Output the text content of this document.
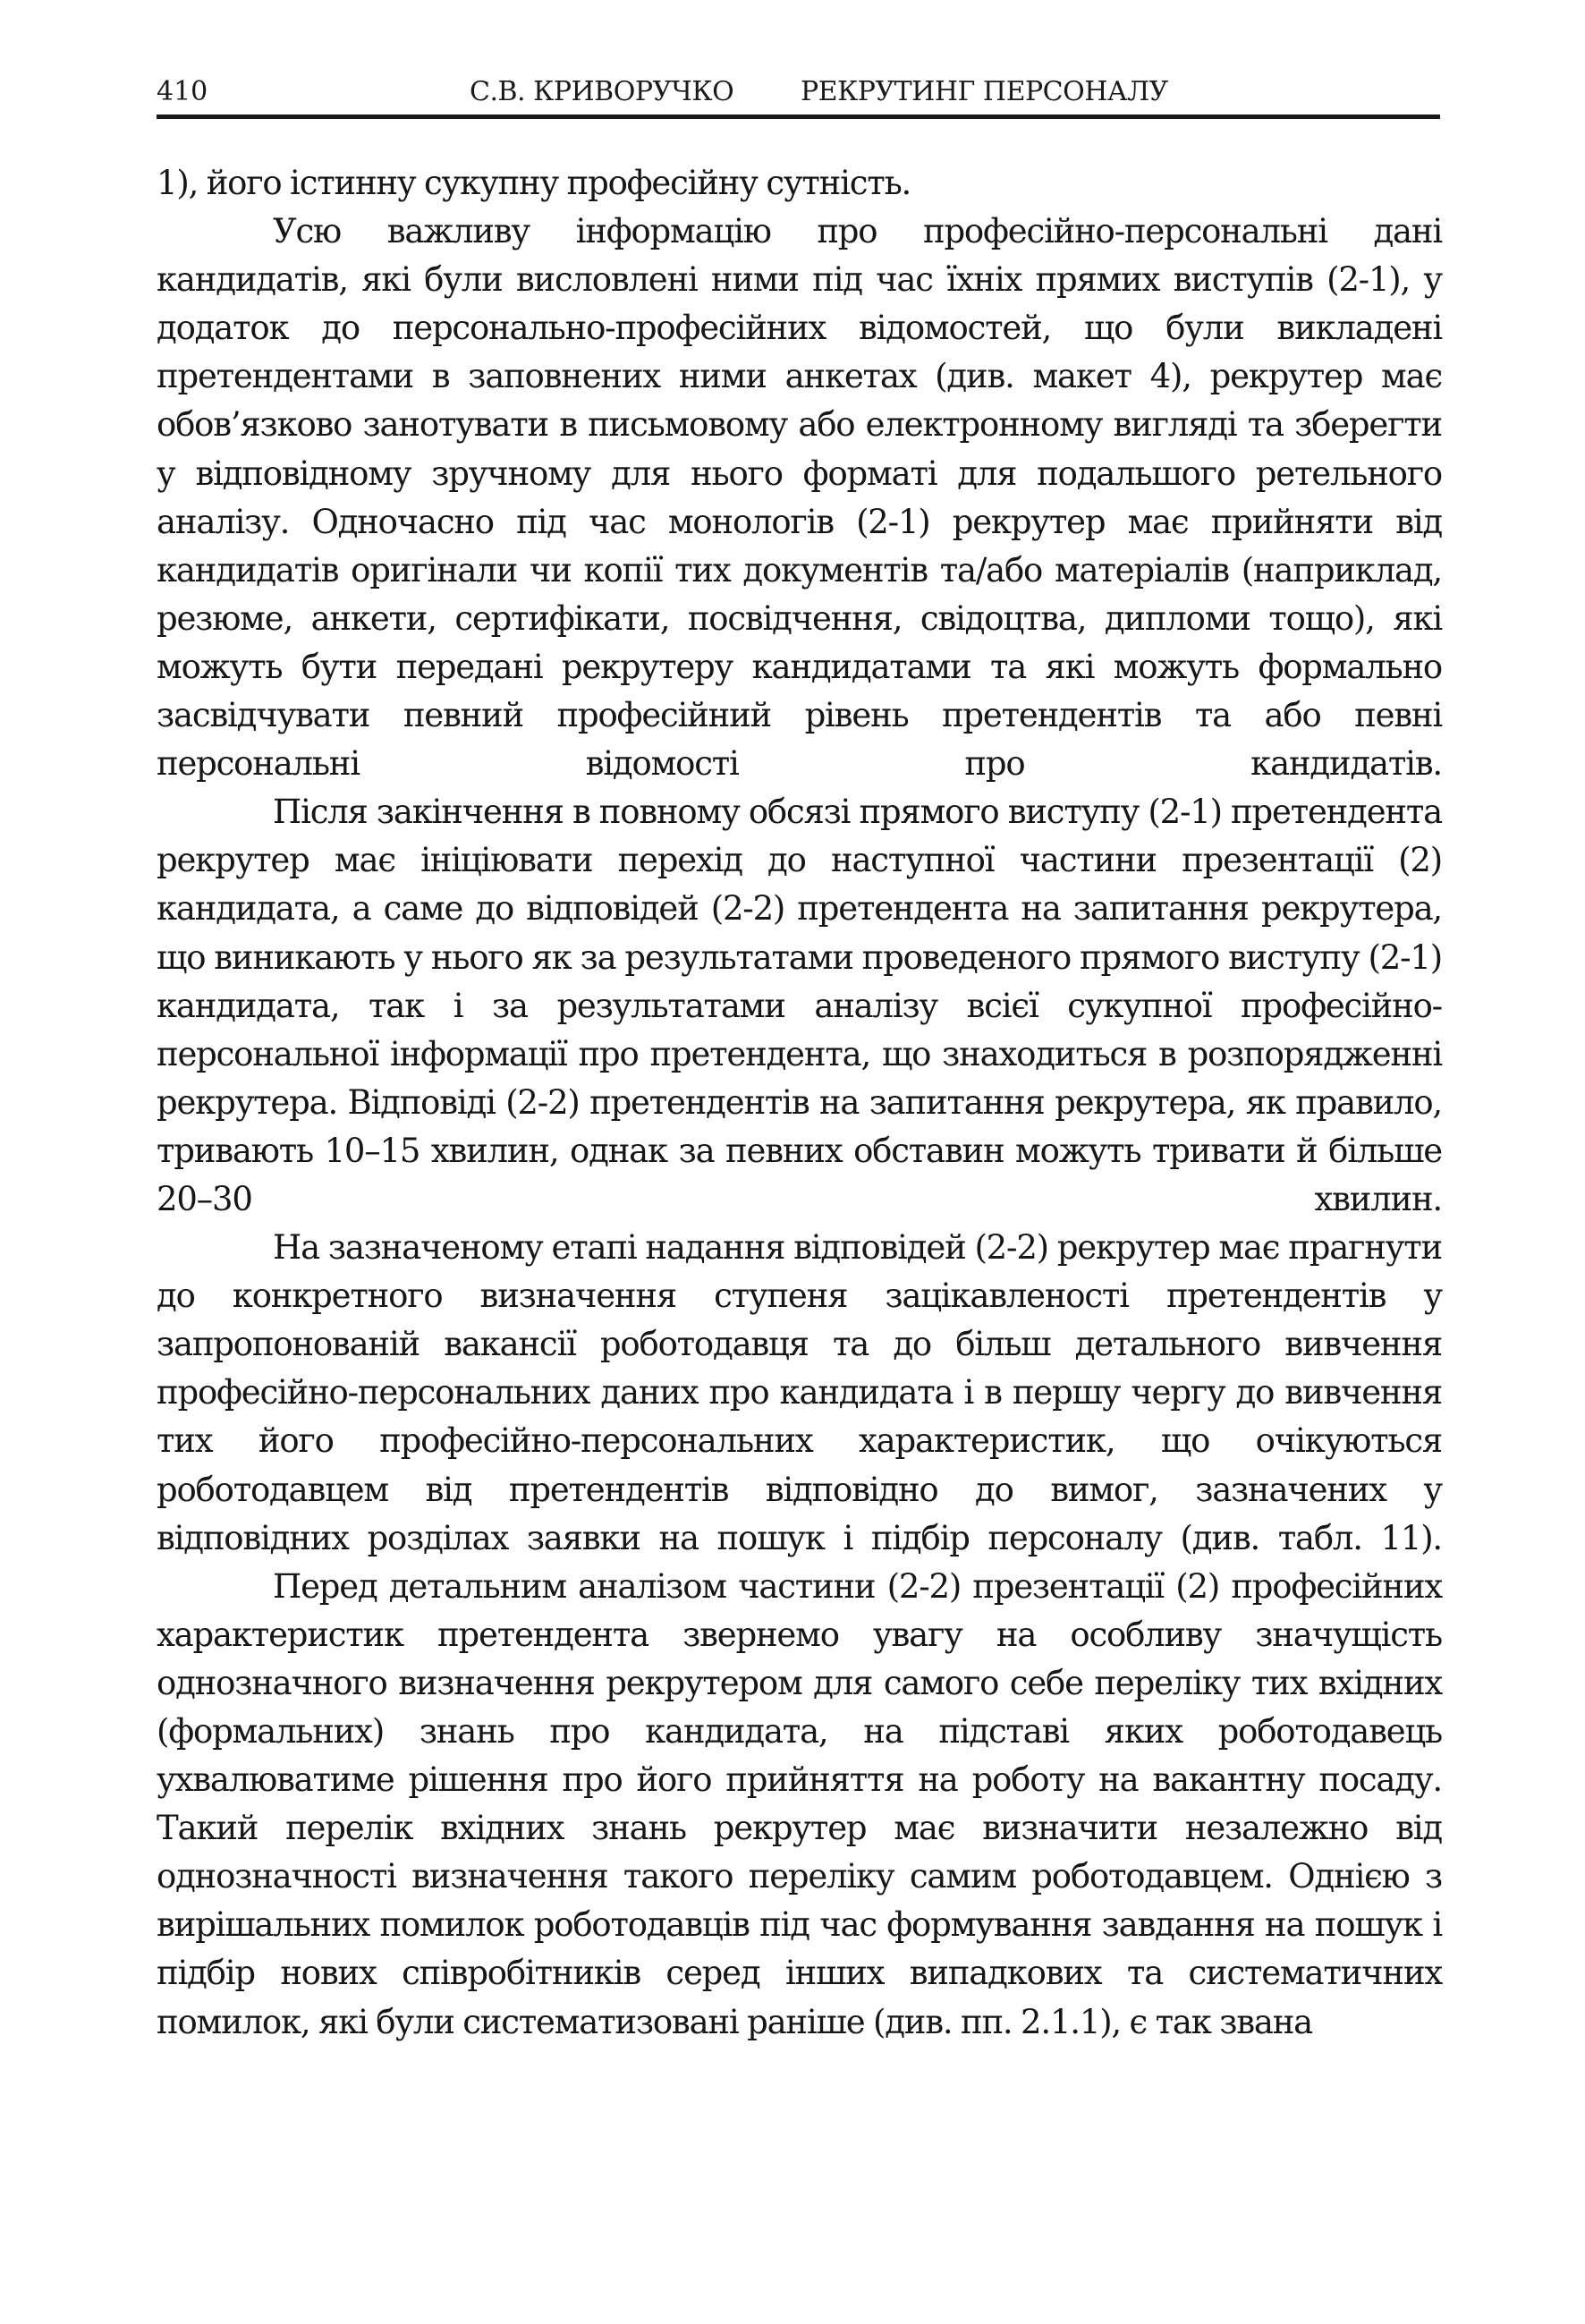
410	С.В. КРИВОРУЧКО РЕКРУТИНГ ПЕРСОНАЛУ

1), його істинну сукупну професійну сутність.

Усю важливу інформацію про професійно-персональні дані кандидатів, які були висловлені ними під час їхніх прямих виступів (2-1), у додаток до персонально-професійних відомостей, що були викладені претендентами в заповнених ними анкетах (див. макет 4), рекрутер має обов’язково занотувати в письмовому або електронному вигляді та зберегти у відповідному зручному для нього форматі для подальшого ретельного аналізу. Одночасно під час монологів (2-1) рекрутер має прийняти від кандидатів оригінали чи копії тих документів та/або матеріалів (наприклад, резюме, анкети, сертифікати, посвідчення, свідоцтва, дипломи тощо), які можуть бути передані рекрутеру кандидатами та які можуть формально засвідчувати певний професійний рівень претендентів та або певні персональні відомості про кандидатів.

Після закінчення в повному обсязі прямого виступу (2-1) претендента рекрутер має ініціювати перехід до наступної частини презентації (2) кандидата, а саме до відповідей (2-2) претендента на запитання рекрутера, що виникають у нього як за результатами проведеного прямого виступу (2-1) кандидата, так і за результатами аналізу всієї сукупної професійно-персональної інформації про претендента, що знаходиться в розпорядженні рекрутера. Відповіді (2-2) претендентів на запитання рекрутера, як правило, тривають 10–15 хвилин, однак за певних обставин можуть тривати й більше 20–30 хвилин.

На зазначеному етапі надання відповідей (2-2) рекрутер має прагнути до конкретного визначення ступеня зацікавленості претендентів у запропонованій вакансії роботодавця та до більш детального вивчення професійно-персональних даних про кандидата і в першу чергу до вивчення тих його професійно-персональних характеристик, що очікуються роботодавцем від претендентів відповідно до вимог, зазначених у відповідних розділах заявки на пошук і підбір персоналу (див. табл. 11).

Перед детальним аналізом частини (2-2) презентації (2) професійних характеристик претендента звернемо увагу на особливу значущість однозначного визначення рекрутером для самого себе переліку тих вхідних (формальних) знань про кандидата, на підставі яких роботодавець ухвалюватиме рішення про його прийняття на роботу на вакантну посаду. Такий перелік вхідних знань рекрутер має визначити незалежно від однозначності визначення такого переліку самим роботодавцем. Однією з вирішальних помилок роботодавців під час формування завдання на пошук і підбір нових співробітників серед інших випадкових та систематичних помилок, які були систематизовані раніше (див. пп. 2.1.1), є так звана
